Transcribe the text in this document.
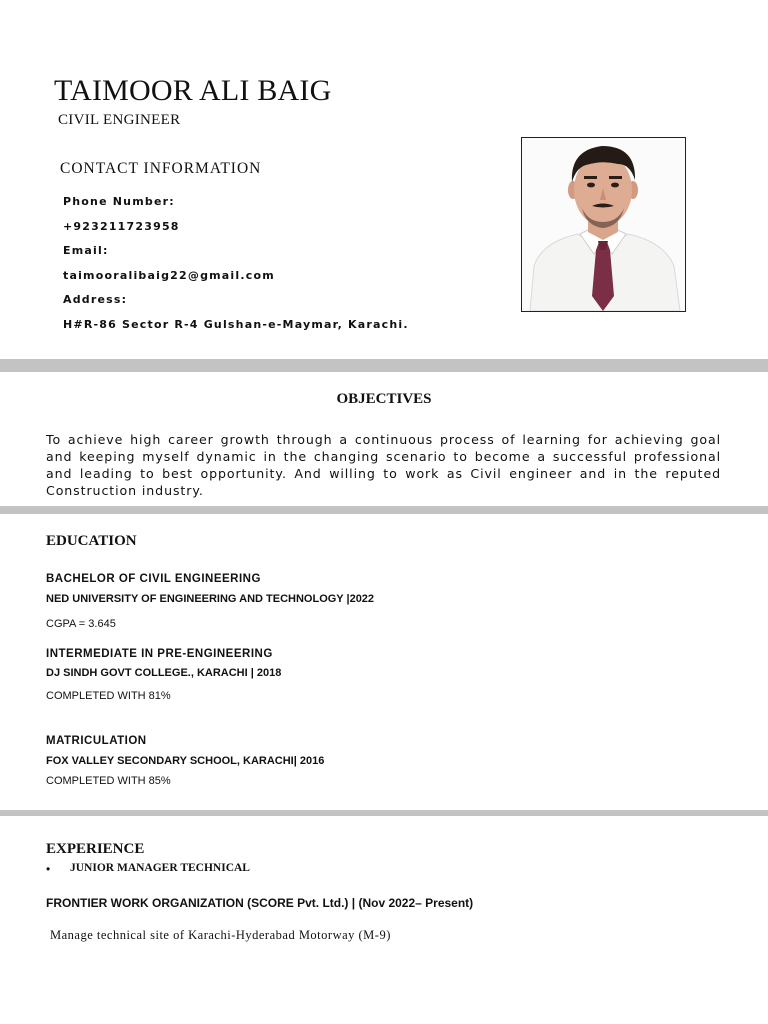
TAIMOOR ALI BAIG
CIVIL ENGINEER
CONTACT INFORMATION
Phone Number:
+923211723958
Email:
taimooralibaig22@gmail.com
Address:
H#R-86 Sector R-4 Gulshan-e-Maymar, Karachi.
OBJECTIVES
To achieve high career growth through a continuous process of learning for achieving goal and keeping myself dynamic in the changing scenario to become a successful professional and leading to best opportunity. And willing to work as Civil engineer and in the reputed Construction industry.
EDUCATION
BACHELOR OF CIVIL ENGINEERING
NED UNIVERSITY OF ENGINEERING AND TECHNOLOGY |2022
CGPA = 3.645
INTERMEDIATE IN PRE-ENGINEERING
DJ SINDH GOVT COLLEGE., KARACHI | 2018
COMPLETED WITH 81%
MATRICULATION
FOX VALLEY SECONDARY SCHOOL, KARACHI| 2016
COMPLETED WITH 85%
EXPERIENCE
• JUNIOR MANAGER TECHNICAL
FRONTIER WORK ORGANIZATION (SCORE Pvt. Ltd.) | (Nov 2022– Present)
Manage technical site of Karachi-Hyderabad Motorway (M-9)
